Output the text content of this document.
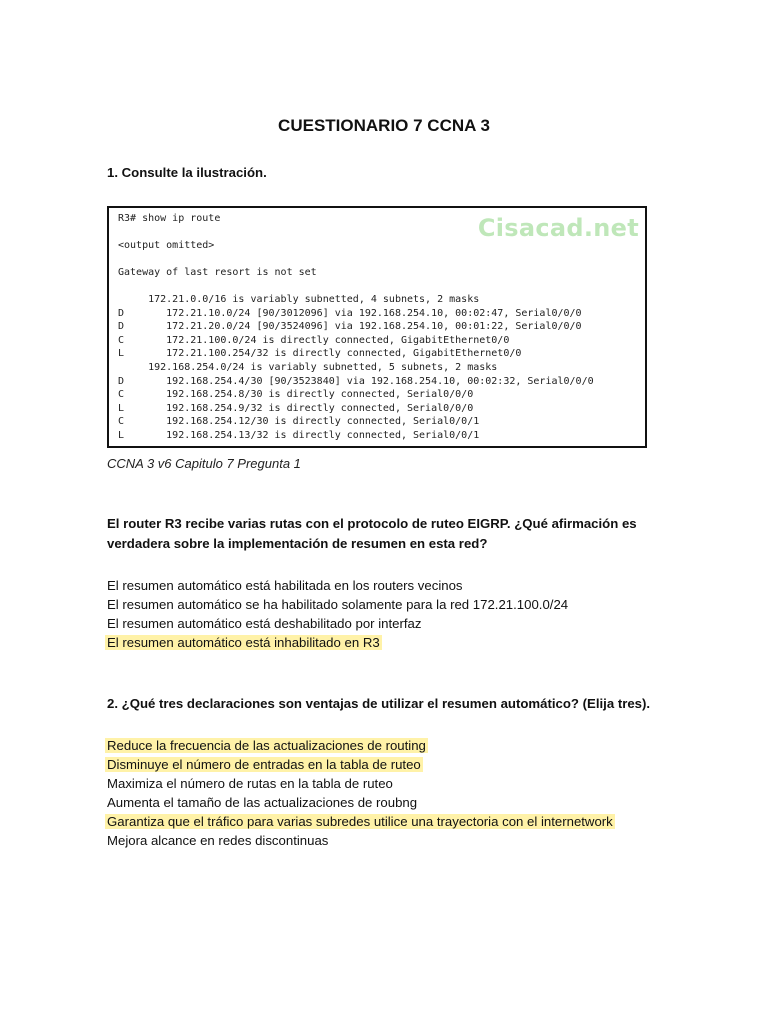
CUESTIONARIO 7 CCNA 3
1. Consulte la ilustración.
Cisacad.net
R3# show ip route
<output omitted>
Gateway of last resort is not set
172.21.0.0/16 is variably subnetted, 4 subnets, 2 masks
D       172.21.10.0/24 [90/3012096] via 192.168.254.10, 00:02:47, Serial0/0/0
D       172.21.20.0/24 [90/3524096] via 192.168.254.10, 00:01:22, Serial0/0/0
C       172.21.100.0/24 is directly connected, GigabitEthernet0/0
L       172.21.100.254/32 is directly connected, GigabitEthernet0/0
192.168.254.0/24 is variably subnetted, 5 subnets, 2 masks
D       192.168.254.4/30 [90/3523840] via 192.168.254.10, 00:02:32, Serial0/0/0
C       192.168.254.8/30 is directly connected, Serial0/0/0
L       192.168.254.9/32 is directly connected, Serial0/0/0
C       192.168.254.12/30 is directly connected, Serial0/0/1
L       192.168.254.13/32 is directly connected, Serial0/0/1
CCNA 3 v6 Capitulo 7 Pregunta 1
El router R3 recibe varias rutas con el protocolo de ruteo EIGRP. ¿Qué afirmación es
verdadera sobre la implementación de resumen en esta red?
El resumen automático está habilitada en los routers vecinos
El resumen automático se ha habilitado solamente para la red 172.21.100.0/24
El resumen automático está deshabilitado por interfaz
El resumen automático está inhabilitado en R3
2. ¿Qué tres declaraciones son ventajas de utilizar el resumen automático? (Elija tres).
Reduce la frecuencia de las actualizaciones de routing
Disminuye el número de entradas en la tabla de ruteo
Maximiza el número de rutas en la tabla de ruteo
Aumenta el tamaño de las actualizaciones de roubng
Garantiza que el tráfico para varias subredes utilice una trayectoria con el internetwork
Mejora alcance en redes discontinuas
